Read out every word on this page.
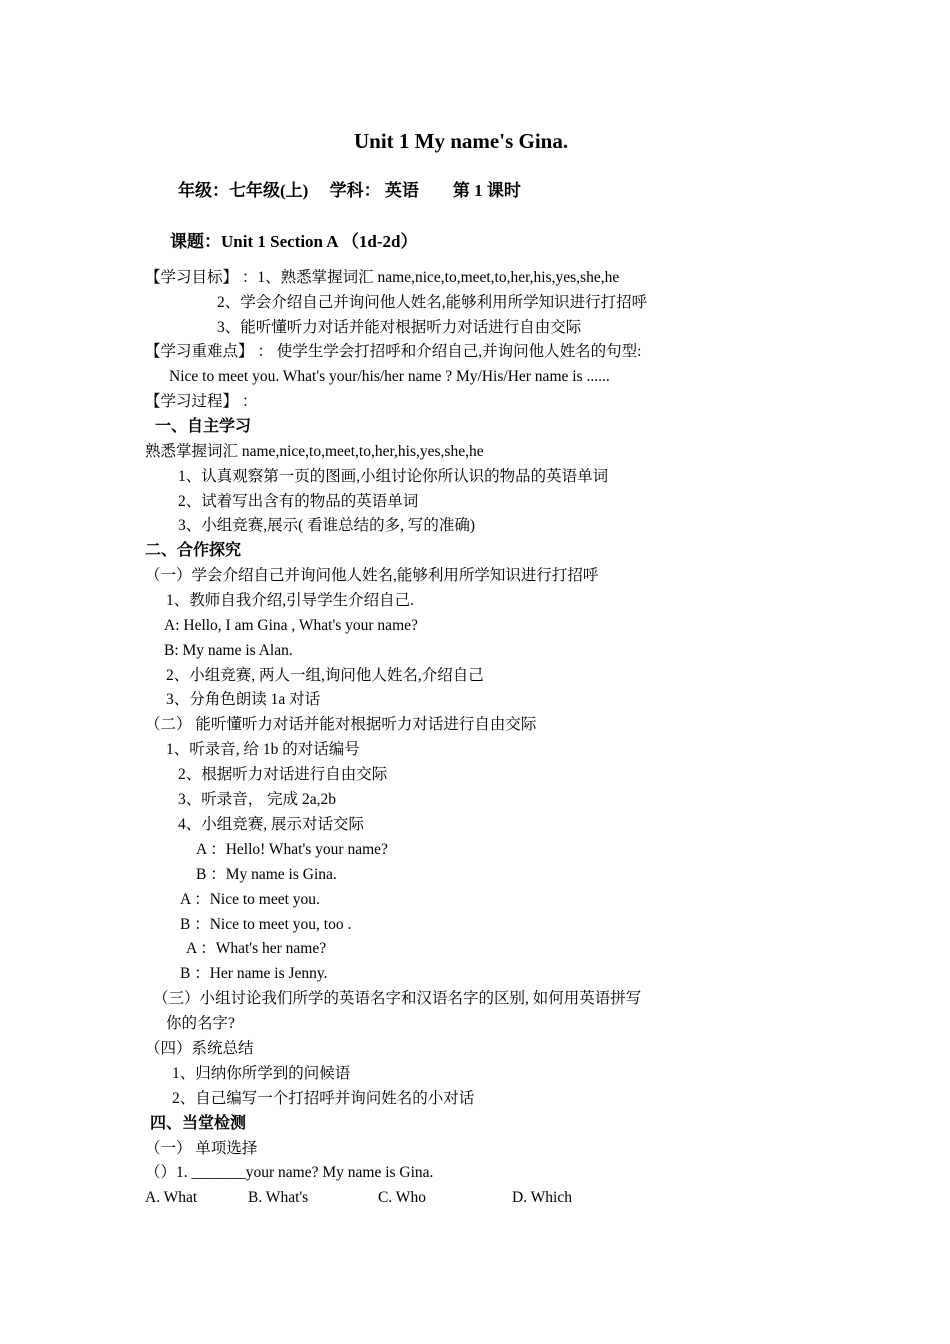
Unit 1 My name's Gina.
年级：七年级(上)　 学科： 英语　　第 1 课时
课题：Unit 1 Section A （1d-2d）
【学习目标】 ：1、熟悉掌握词汇 name,nice,to,meet,to,her,his,yes,she,he
2、学会介绍自己并询问他人姓名,能够利用所学知识进行打招呼
3、能听懂听力对话并能对根据听力对话进行自由交际
【学习重难点】 ： 使学生学会打招呼和介绍自己,并询问他人姓名的句型:
Nice to meet you. What's your/his/her name ? My/His/Her name is ......
【学习过程】 ：
一、自主学习
熟悉掌握词汇 name,nice,to,meet,to,her,his,yes,she,he
1、认真观察第一页的图画,小组讨论你所认识的物品的英语单词
2、试着写出含有的物品的英语单词
3、小组竞赛,展示( 看谁总结的多, 写的准确)
二、合作探究
（一）学会介绍自己并询问他人姓名,能够利用所学知识进行打招呼
1、教师自我介绍,引导学生介绍自己.
A: Hello, I am Gina , What's your name?
B: My name is Alan.
2、小组竞赛, 两人一组,询问他人姓名,介绍自己
3、分角色朗读 1a 对话
（二） 能听懂听力对话并能对根据听力对话进行自由交际
1、听录音, 给 1b 的对话编号
2、根据听力对话进行自由交际
3、听录音， 完成 2a,2b
4、小组竞赛, 展示对话交际
A ：Hello! What's your name?
B ：My name is Gina.
A ：Nice to meet you.
B ：Nice to meet you, too .
A ：What's her name?
B ：Her name is Jenny.
（三）小组讨论我们所学的英语名字和汉语名字的区别, 如何用英语拼写
你的名字?
（四）系统总结
1、归纳你所学到的问候语
2、自己编写一个打招呼并询问姓名的小对话
四、当堂检测
（一） 单项选择
（）1. _______your name? My name is Gina.
A. What	B. What's	C. Who	D. Which
